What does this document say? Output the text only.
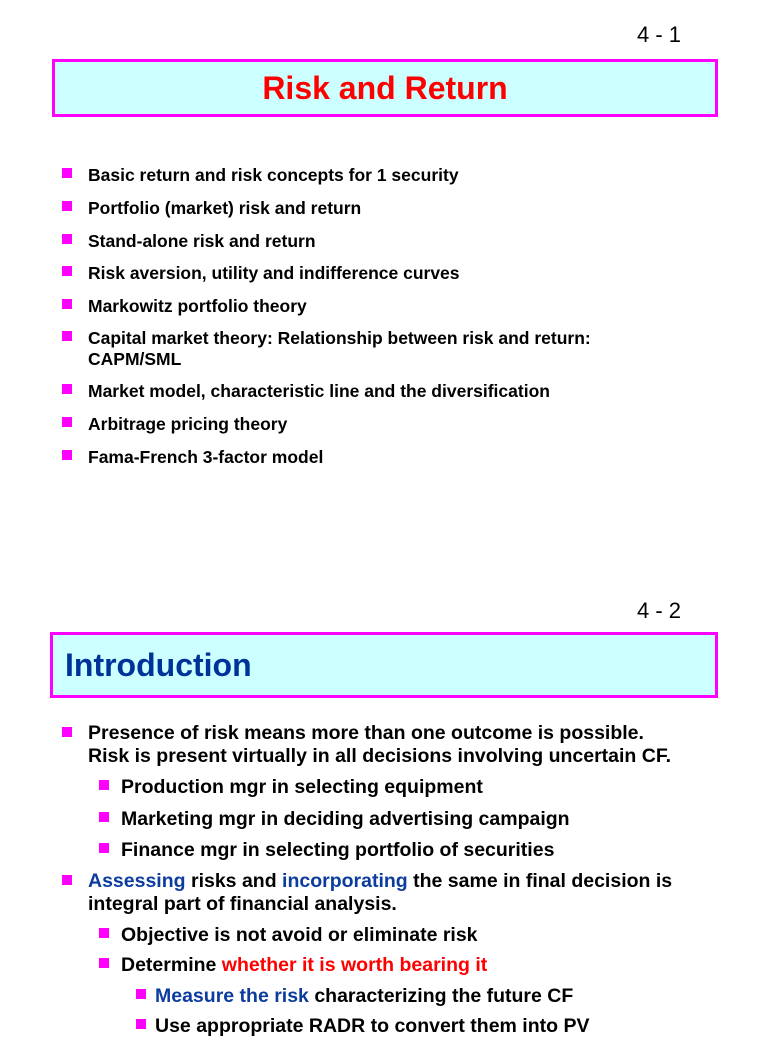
4 - 1
Risk and Return
Basic return and risk concepts for 1 security
Portfolio (market) risk and return
Stand-alone risk and return
Risk aversion, utility and indifference curves
Markowitz portfolio theory
Capital market theory: Relationship between risk and return:
CAPM/SML
Market model, characteristic line and the diversification
Arbitrage pricing theory
Fama-French 3-factor model
4 - 2
Introduction
Presence of risk means more than one outcome is possible.
Risk is present virtually in all decisions involving uncertain CF.
Production mgr in selecting equipment
Marketing mgr in deciding advertising campaign
Finance mgr in selecting portfolio of securities
Assessing risks and incorporating the same in final decision is
integral part of financial analysis.
Objective is not avoid or eliminate risk
Determine whether it is worth bearing it
Measure the risk characterizing the future CF
Use appropriate RADR to convert them into PV
